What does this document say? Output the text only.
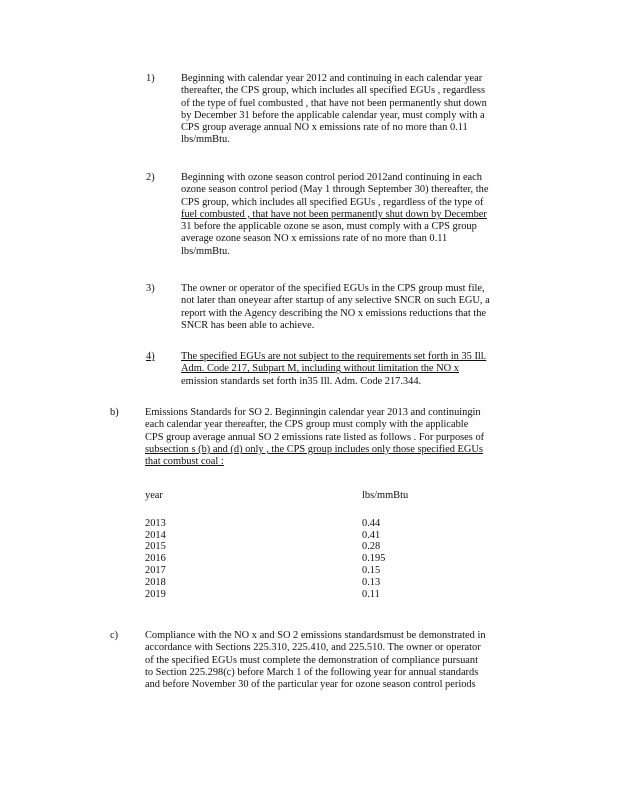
1)	Beginning with calendar year 2012 and continuing in each calendar year
thereafter, the CPS group, which includes all specified EGUs , regardless
of the type of fuel combusted , that have not been permanently shut down
by December 31 before the applicable calendar year, must comply with a
CPS group average annual NO x emissions rate of no more than 0.11
lbs/mmBtu.
2)	Beginning with ozone season control period 2012and continuing in each
ozone season control period (May 1 through September 30) thereafter, the
CPS group, which includes all specified EGUs , regardless of the type of
fuel combusted , that have not been permanently shut down by December
31 before the applicable ozone se ason, must comply with a CPS group
average ozone season NO x emissions rate of no more than 0.11
lbs/mmBtu.
3)	The owner or operator of the specified EGUs in the CPS group must file,
not later than oneyear after startup of any selective SNCR on such EGU, a
report with the Agency describing the NO x emissions reductions that the
SNCR has been able to achieve.
4)	The specified EGUs are not subject to the requirements set forth in 35 Ill.
Adm. Code 217, Subpart M, including without limitation the NO x
emission standards set forth in35 Ill. Adm. Code 217.344.
b)	Emissions Standards for SO 2. Beginningin calendar year 2013 and continuingin
each calendar year thereafter, the CPS group must comply with the applicable
CPS group average annual SO 2 emissions rate listed as follows . For purposes of
subsection s (b) and (d) only , the CPS group includes only those specified EGUs
that combust coal :
year	lbs/mmBtu
2013	0.44
2014	0.41
2015	0.28
2016	0.195
2017	0.15
2018	0.13
2019	0.11
c)	Compliance with the NO x and SO 2 emissions standardsmust be demonstrated in
accordance with Sections 225.310, 225.410, and 225.510. The owner or operator
of the specified EGUs must complete the demonstration of compliance pursuant
to Section 225.298(c) before March 1 of the following year for annual standards
and before November 30 of the particular year for ozone season control periods
